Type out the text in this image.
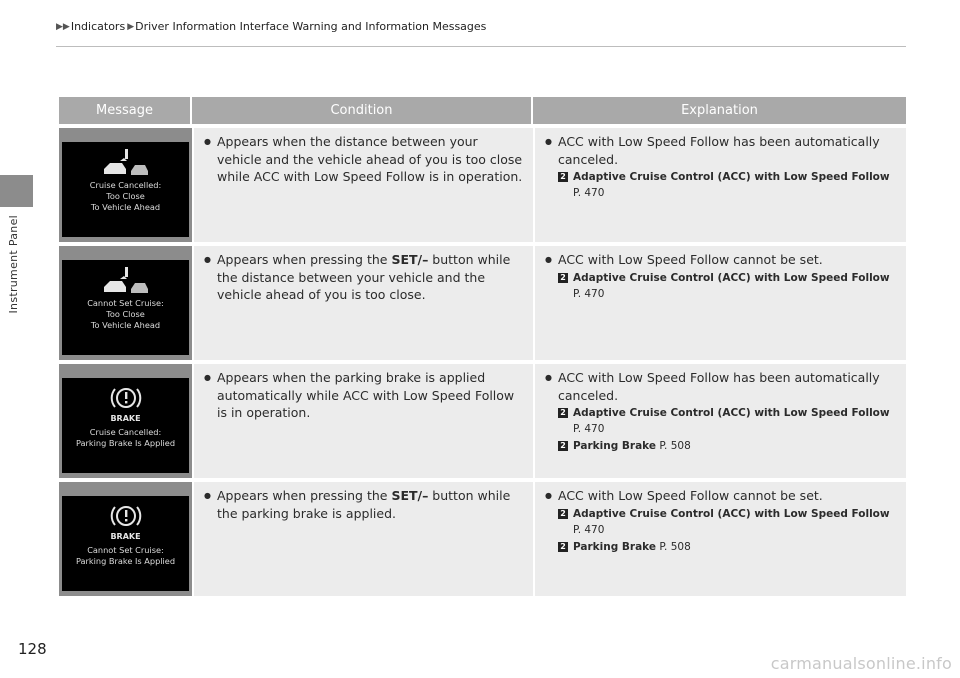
Instrument Panel
▶▶ Indicators ▶ Driver Information Interface Warning and Information Messages
Message	Condition	Explanation
Cruise Cancelled:
Too Close
To Vehicle Ahead
● Appears when the distance between your vehicle and the vehicle ahead of you is too close while ACC with Low Speed Follow is in operation.
● ACC with Low Speed Follow has been automatically canceled.
2 Adaptive Cruise Control (ACC) with Low Speed Follow P. 470
Cannot Set Cruise:
Too Close
To Vehicle Ahead
● Appears when pressing the SET/– button while the distance between your vehicle and the vehicle ahead of you is too close.
● ACC with Low Speed Follow cannot be set.
2 Adaptive Cruise Control (ACC) with Low Speed Follow P. 470
BRAKE
Cruise Cancelled:
Parking Brake Is Applied
● Appears when the parking brake is applied automatically while ACC with Low Speed Follow is in operation.
● ACC with Low Speed Follow has been automatically canceled.
2 Adaptive Cruise Control (ACC) with Low Speed Follow P. 470
2 Parking Brake P. 508
BRAKE
Cannot Set Cruise:
Parking Brake Is Applied
● Appears when pressing the SET/– button while the parking brake is applied.
● ACC with Low Speed Follow cannot be set.
2 Adaptive Cruise Control (ACC) with Low Speed Follow P. 470
2 Parking Brake P. 508
128
carmanualsonline.info
